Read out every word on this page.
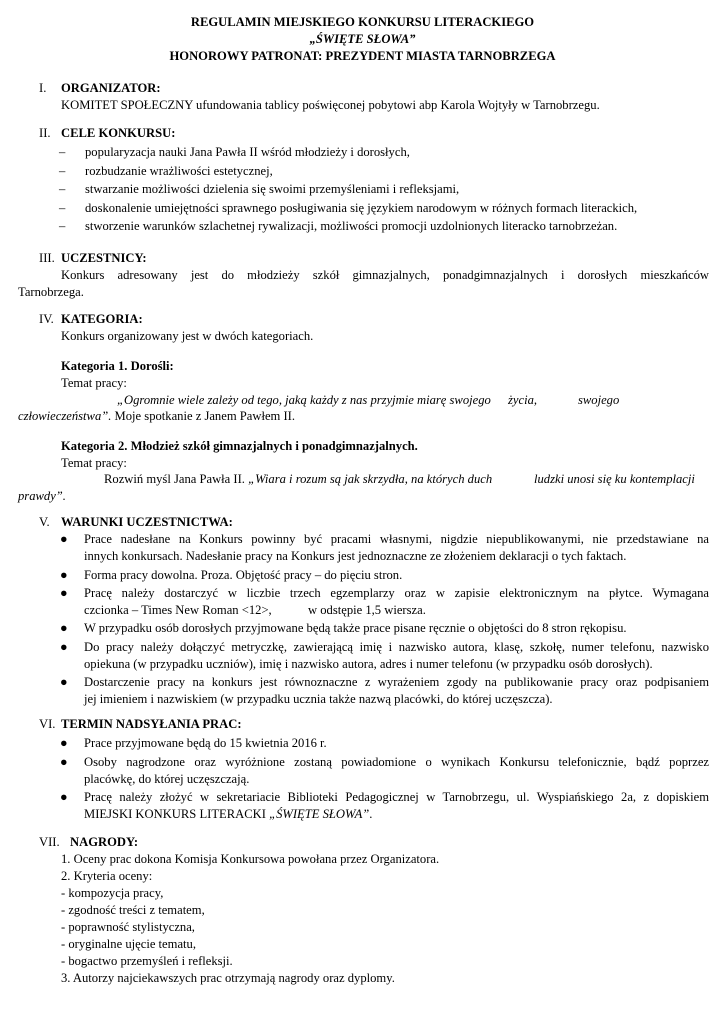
REGULAMIN MIEJSKIEGO KONKURSU LITERACKIEGO
„ŚWIĘTE SŁOWA”
HONOROWY PATRONAT: PREZYDENT MIASTA TARNOBRZEGA
I. ORGANIZATOR:
KOMITET SPOŁECZNY ufundowania tablicy poświęconej pobytowi abp Karola Wojtyły w Tarnobrzegu.
II. CELE KONKURSU:
– popularyzacja nauki Jana Pawła II wśród młodzieży i dorosłych,
– rozbudzanie wrażliwości estetycznej,
– stwarzanie możliwości dzielenia się swoimi przemyśleniami i refleksjami,
– doskonalenie umiejętności sprawnego posługiwania się językiem narodowym w różnych formach literackich,
– stworzenie warunków szlachetnej rywalizacji, możliwości promocji uzdolnionych literacko tarnobrzeżan.
III. UCZESTNICY:
Konkurs adresowany jest do młodzieży szkół gimnazjalnych, ponadgimnazjalnych i dorosłych mieszkańców
Tarnobrzega.
IV. KATEGORIA:
Konkurs organizowany jest w dwóch kategoriach.
Kategoria 1. Dorośli:
Temat pracy:
„Ogromnie wiele zależy od tego, jaką każdy z nas przyjmie miarę swojego życia,	swojego
człowieczeństwa”. Moje spotkanie z Janem Pawłem II.
Kategoria 2. Młodzież szkół gimnazjalnych i ponadgimnazjalnych.
Temat pracy:
Rozwiń myśl Jana Pawła II. „Wiara i rozum są jak skrzydła, na których duch	ludzki unosi się ku kontemplacji
prawdy”.
V. WARUNKI UCZESTNICTWA:
● Prace nadesłane na Konkurs powinny być pracami własnymi, nigdzie niepublikowanymi, nie przedstawiane na
innych konkursach. Nadesłanie pracy na Konkurs jest jednoznaczne ze złożeniem deklaracji o tych faktach.
● Forma pracy dowolna. Proza. Objętość pracy – do pięciu stron.
● Pracę należy dostarczyć w liczbie trzech egzemplarzy oraz w zapisie elektronicznym na płytce. Wymagana
czcionka – Times New Roman <12>,	w odstępie 1,5 wiersza.
● W przypadku osób dorosłych przyjmowane będą także prace pisane ręcznie o objętości do 8 stron rękopisu.
● Do pracy należy dołączyć metryczkę, zawierającą imię i nazwisko autora, klasę, szkołę, numer telefonu, nazwisko
opiekuna (w przypadku uczniów), imię i nazwisko autora, adres i numer telefonu (w przypadku osób dorosłych).
● Dostarczenie pracy na konkurs jest równoznaczne z wyrażeniem zgody na publikowanie pracy oraz podpisaniem
jej imieniem i nazwiskiem (w przypadku ucznia także nazwą placówki, do której uczęszcza).
VI. TERMIN NADSYŁANIA PRAC:
● Prace przyjmowane będą do 15 kwietnia 2016 r.
● Osoby nagrodzone oraz wyróżnione zostaną powiadomione o wynikach Konkursu telefonicznie, bądź poprzez
placówkę, do której uczęszczają.
● Pracę należy złożyć w sekretariacie Biblioteki Pedagogicznej w Tarnobrzegu, ul. Wyspiańskiego 2a, z dopiskiem
MIEJSKI KONKURS LITERACKI „ŚWIĘTE SŁOWA”.
VII. NAGRODY:
1. Oceny prac dokona Komisja Konkursowa powołana przez Organizatora.
2. Kryteria oceny:
- kompozycja pracy,
- zgodność treści z tematem,
- poprawność stylistyczna,
- oryginalne ujęcie tematu,
- bogactwo przemyśleń i refleksji.
3. Autorzy najciekawszych prac otrzymają nagrody oraz dyplomy.
